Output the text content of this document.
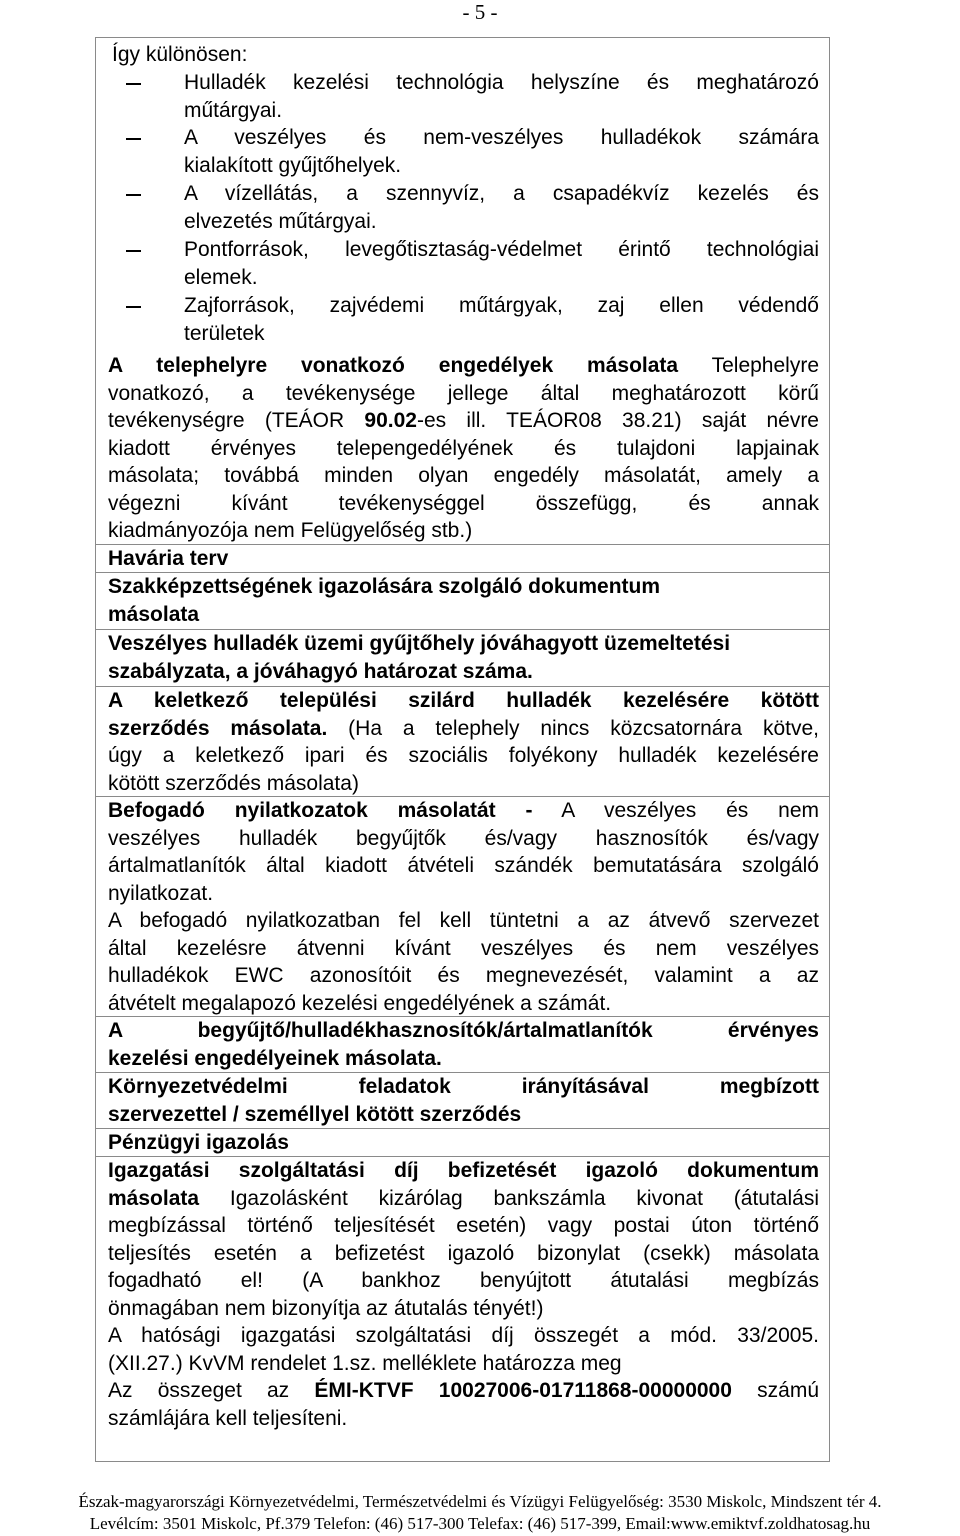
- 5 -
Így különösen:
Hulladék kezelési technológia helyszíne és meghatározó
műtárgyai.
A veszélyes és nem-veszélyes hulladékok számára
kialakított gyűjtőhelyek.
A vízellátás, a szennyvíz, a csapadékvíz kezelés és
elvezetés műtárgyai.
Pontforrások, levegőtisztaság-védelmet érintő technológiai
elemek.
Zajforrások, zajvédemi műtárgyak, zaj ellen védendő
területek
A telephelyre vonatkozó engedélyek másolata Telephelyre
vonatkozó, a tevékenysége jellege által meghatározott körű
tevékenységre (TEÁOR 90.02-es ill. TEÁOR08 38.21) saját névre
kiadott érvényes telepengedélyének és tulajdoni lapjainak
másolata; továbbá minden olyan engedély másolatát, amely a
végezni kívánt tevékenységgel összefügg, és annak
kiadmányozója nem Felügyelőség stb.)
Havária terv
Szakképzettségének igazolására szolgáló dokumentum
másolata
Veszélyes hulladék üzemi gyűjtőhely jóváhagyott üzemeltetési
szabályzata, a jóváhagyó határozat száma.
A keletkező települési szilárd hulladék kezelésére kötött
szerződés másolata. (Ha a telephely nincs közcsatornára kötve,
úgy a keletkező ipari és szociális folyékony hulladék kezelésére
kötött szerződés másolata)
Befogadó nyilatkozatok másolatát - A veszélyes és nem
veszélyes hulladék begyűjtők és/vagy hasznosítók és/vagy
ártalmatlanítók által kiadott átvételi szándék bemutatására szolgáló
nyilatkozat.
A befogadó nyilatkozatban fel kell tüntetni a az átvevő szervezet
által kezelésre átvenni kívánt veszélyes és nem veszélyes
hulladékok EWC azonosítóit és megnevezését, valamint a az
átvételt megalapozó kezelési engedélyének a számát.
A begyűjtő/hulladékhasznosítók/ártalmatlanítók érvényes
kezelési engedélyeinek másolata.
Környezetvédelmi feladatok irányításával megbízott
szervezettel / személlyel kötött szerződés
Pénzügyi igazolás
Igazgatási szolgáltatási díj befizetését igazoló dokumentum
másolata Igazolásként kizárólag bankszámla kivonat (átutalási
megbízással történő teljesítését esetén) vagy postai úton történő
teljesítés esetén a befizetést igazoló bizonylat (csekk) másolata
fogadható el! (A bankhoz benyújtott átutalási megbízás
önmagában nem bizonyítja az átutalás tényét!)
A hatósági igazgatási szolgáltatási díj összegét a mód. 33/2005.
(XII.27.) KvVM rendelet 1.sz. melléklete határozza meg
Az összeget az ÉMI-KTVF 10027006-01711868-00000000 számú
számlájára kell teljesíteni.
Észak-magyarországi Környezetvédelmi, Természetvédelmi és Vízügyi Felügyelőség: 3530 Miskolc, Mindszent tér 4.
Levélcím: 3501 Miskolc, Pf.379 Telefon: (46) 517-300 Telefax: (46) 517-399, Email:www.emiktvf.zoldhatosag.hu
